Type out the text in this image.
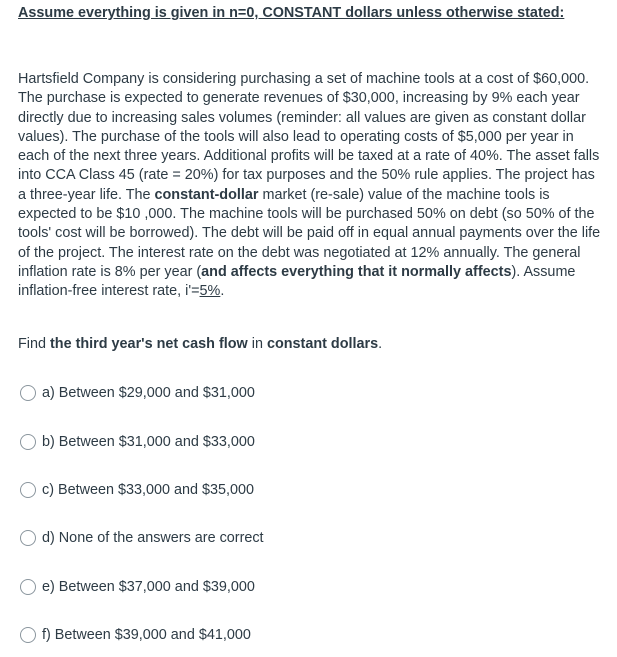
Assume everything is given in n=0, CONSTANT dollars unless otherwise stated:

Hartsfield Company is considering purchasing a set of machine tools at a cost of $60,000. The purchase is expected to generate revenues of $30,000, increasing by 9% each year directly due to increasing sales volumes (reminder: all values are given as constant dollar values). The purchase of the tools will also lead to operating costs of $5,000 per year in each of the next three years. Additional profits will be taxed at a rate of 40%. The asset falls into CCA Class 45 (rate = 20%) for tax purposes and the 50% rule applies. The project has a three-year life. The constant-dollar market (re-sale) value of the machine tools is expected to be $10 ,000. The machine tools will be purchased 50% on debt (so 50% of the tools' cost will be borrowed). The debt will be paid off in equal annual payments over the life of the project. The interest rate on the debt was negotiated at 12% annually. The general inflation rate is 8% per year (and affects everything that it normally affects). Assume inflation-free interest rate, i'=5%.

Find the third year's net cash flow in constant dollars.
a) Between $29,000 and $31,000
b) Between $31,000 and $33,000
c) Between $33,000 and $35,000
d) None of the answers are correct
e) Between $37,000 and $39,000
f) Between $39,000 and $41,000
